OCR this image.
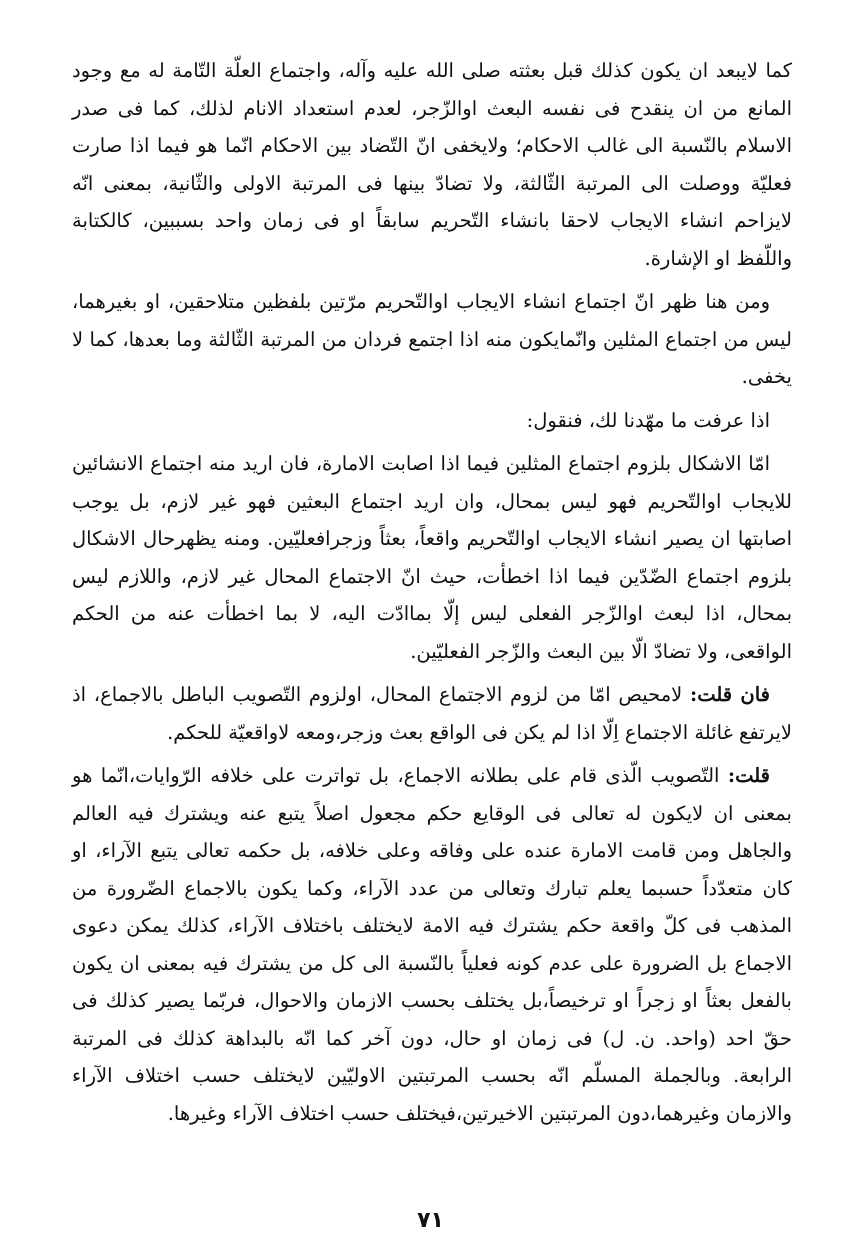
كما لايبعد ان يكون كذلك قبل بعثته صلى الله عليه وآله، واجتماع العلّة التّامة له مع وجود المانع من ان ينقدح فى نفسه البعث اوالزّجر، لعدم استعداد الانام لذلك، كما فى صدر الاسلام بالنّسبة الى غالب الاحكام؛ ولايخفى انّ التّضاد بين الاحكام انّما هو فيما اذا صارت فعليّة ووصلت الى المرتبة الثّالثة، ولا تضادّ بينها فى المرتبة الاولى والثّانية، بمعنى انّه لايزاحم انشاء الايجاب لاحقا بانشاء التّحريم سابقاً او فى زمان واحد بسببين، كالكتابة واللّفظ او الإشارة.

ومن هنا ظهر انّ اجتماع انشاء الايجاب اوالتّحريم مرّتين بلفظين متلاحقين، او بغيرهما، ليس من اجتماع المثلين وانّمايكون منه اذا اجتمع فردان من المرتبة الثّالثة وما بعدها، كما لا يخفى.

اذا عرفت ما مهّدنا لك، فنقول:

امّا الاشكال بلزوم اجتماع المثلين فيما اذا اصابت الامارة، فان اريد منه اجتماع الانشائين للايجاب اوالتّحريم فهو ليس بمحال، وان اريد اجتماع البعثين فهو غير لازم، بل يوجب اصابتها ان يصير انشاء الايجاب اوالتّحريم واقعاً، بعثاً وزجرافعليّين. ومنه يظهرحال الاشكال بلزوم اجتماع الضّدّين فيما اذا اخطأت، حيث انّ الاجتماع المحال غير لازم، واللازم ليس بمحال، اذا لبعث اوالزّجر الفعلى ليس إلّا بماادّت اليه، لا بما اخطأت عنه من الحكم الواقعى، ولا تضادّ الّا بين البعث والزّجر الفعليّين.

فان قلت: لامحيص امّا من لزوم الاجتماع المحال، اولزوم التّصويب الباطل بالاجماع، اذ لايرتفع غائلة الاجتماع اِلّا اذا لم يكن فى الواقع بعث وزجر،ومعه لاواقعيّة للحكم.

قلت: التّصويب الّذى قام على بطلانه الاجماع، بل تواترت على خلافه الرّوايات،انّما هو بمعنى ان لايكون له تعالى فى الوقايع حكم مجعول اصلاً يتبع عنه ويشترك فيه العالم والجاهل ومن قامت الامارة عنده على وفاقه وعلى خلافه، بل حكمه تعالى يتبع الآراء، او كان متعدّداً حسبما يعلم تبارك وتعالى من عدد الآراء، وكما يكون بالاجماع الضّرورة من المذهب فى كلّ واقعة حكم يشترك فيه الامة لايختلف باختلاف الآراء، كذلك يمكن دعوى الاجماع بل الضرورة على عدم كونه فعلياً بالنّسبة الى كل من يشترك فيه بمعنى ان يكون بالفعل بعثاً او زجراً او ترخيصاً،بل يختلف بحسب الازمان والاحوال، فربّما يصير كذلك فى حقّ احد (واحد. ن. ل) فى زمان او حال، دون آخر كما انّه بالبداهة كذلك فى المرتبة الرابعة. وبالجملة المسلّم انّه بحسب المرتبتين الاوليّين لايختلف حسب اختلاف الآراء والازمان وغيرهما،دون المرتبتين الاخيرتين،فيختلف حسب اختلاف الآراء وغيرها.

٧١
